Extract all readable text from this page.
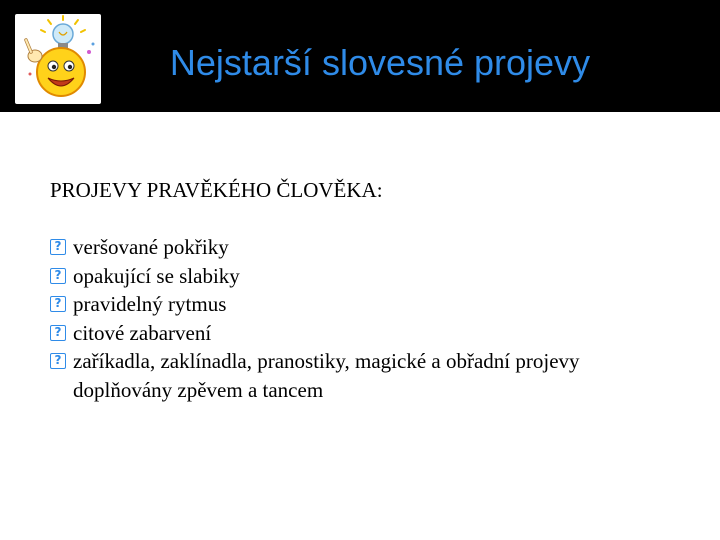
Nejstarší slovesné projevy

PROJEVY PRAVĚKÉHO ČLOVĚKA:

? veršované pokřiky
? opakující se slabiky
? pravidelný rytmus
? citové zabarvení
? zaříkadla, zaklínadla, pranostiky, magické a obřadní projevy doplňovány zpěvem a tancem
